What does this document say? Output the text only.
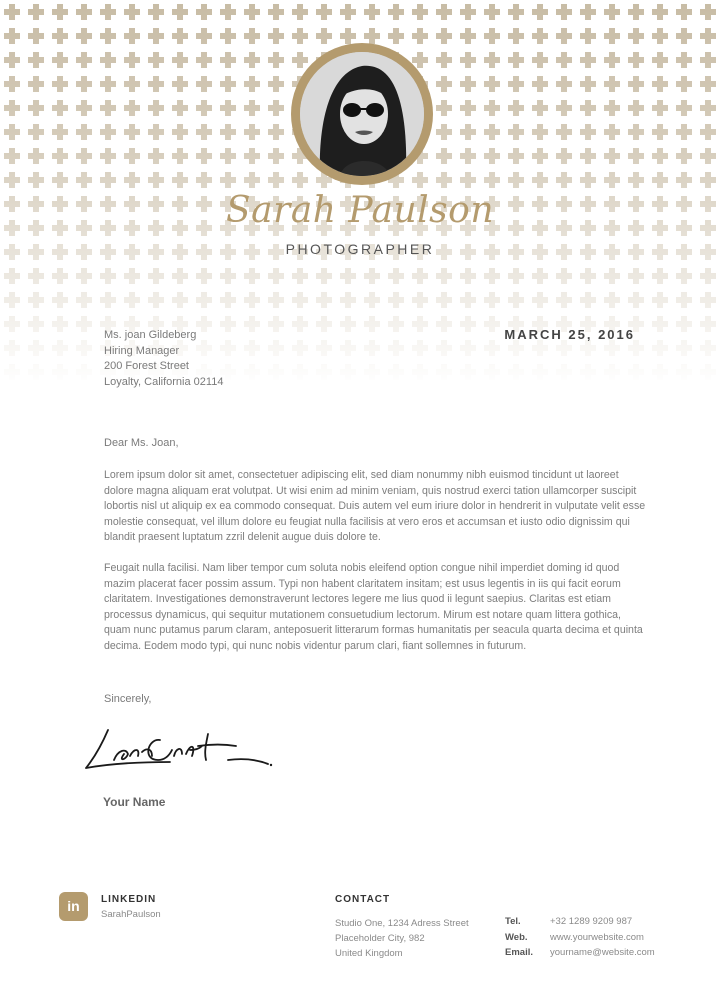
Sarah Paulson
PHOTOGRAPHER
Ms. joan Gildeberg
Hiring Manager
200 Forest Street
Loyalty, California 02114
MARCH 25, 2016
Dear Ms. Joan,

Lorem ipsum dolor sit amet, consectetuer adipiscing elit, sed diam nonummy nibh euismod tincidunt ut laoreet dolore magna aliquam erat volutpat. Ut wisi enim ad minim veniam, quis nostrud exerci tation ullamcorper suscipit lobortis nisl ut aliquip ex ea commodo consequat. Duis autem vel eum iriure dolor in hendrerit in vulputate velit esse molestie consequat, vel illum dolore eu feugiat nulla facilisis at vero eros et accumsan et iusto odio dignissim qui blandit praesent luptatum zzril delenit augue duis dolore te.

Feugait nulla facilisi. Nam liber tempor cum soluta nobis eleifend option congue nihil imperdiet doming id quod mazim placerat facer possim assum. Typi non habent claritatem insitam; est usus legentis in iis qui facit eorum claritatem. Investigationes demonstraverunt lectores legere me lius quod ii legunt saepius. Claritas est etiam processus dynamicus, qui sequitur mutationem consuetudium lectorum. Mirum est notare quam littera gothica, quam nunc putamus parum claram, anteposuerit litterarum formas humanitatis per seacula quarta decima et quinta decima. Eodem modo typi, qui nunc nobis videntur parum clari, fiant sollemnes in futurum.

Sincerely,
Your Name
in	LINKEDIN
SarahPaulson
CONTACT
Studio One, 1234 Adress Street
Placeholder City, 982
United Kingdom
Tel.	+32 1289 9209 987
Web. www.yourwebsite.com
Email. yourname@website.com
